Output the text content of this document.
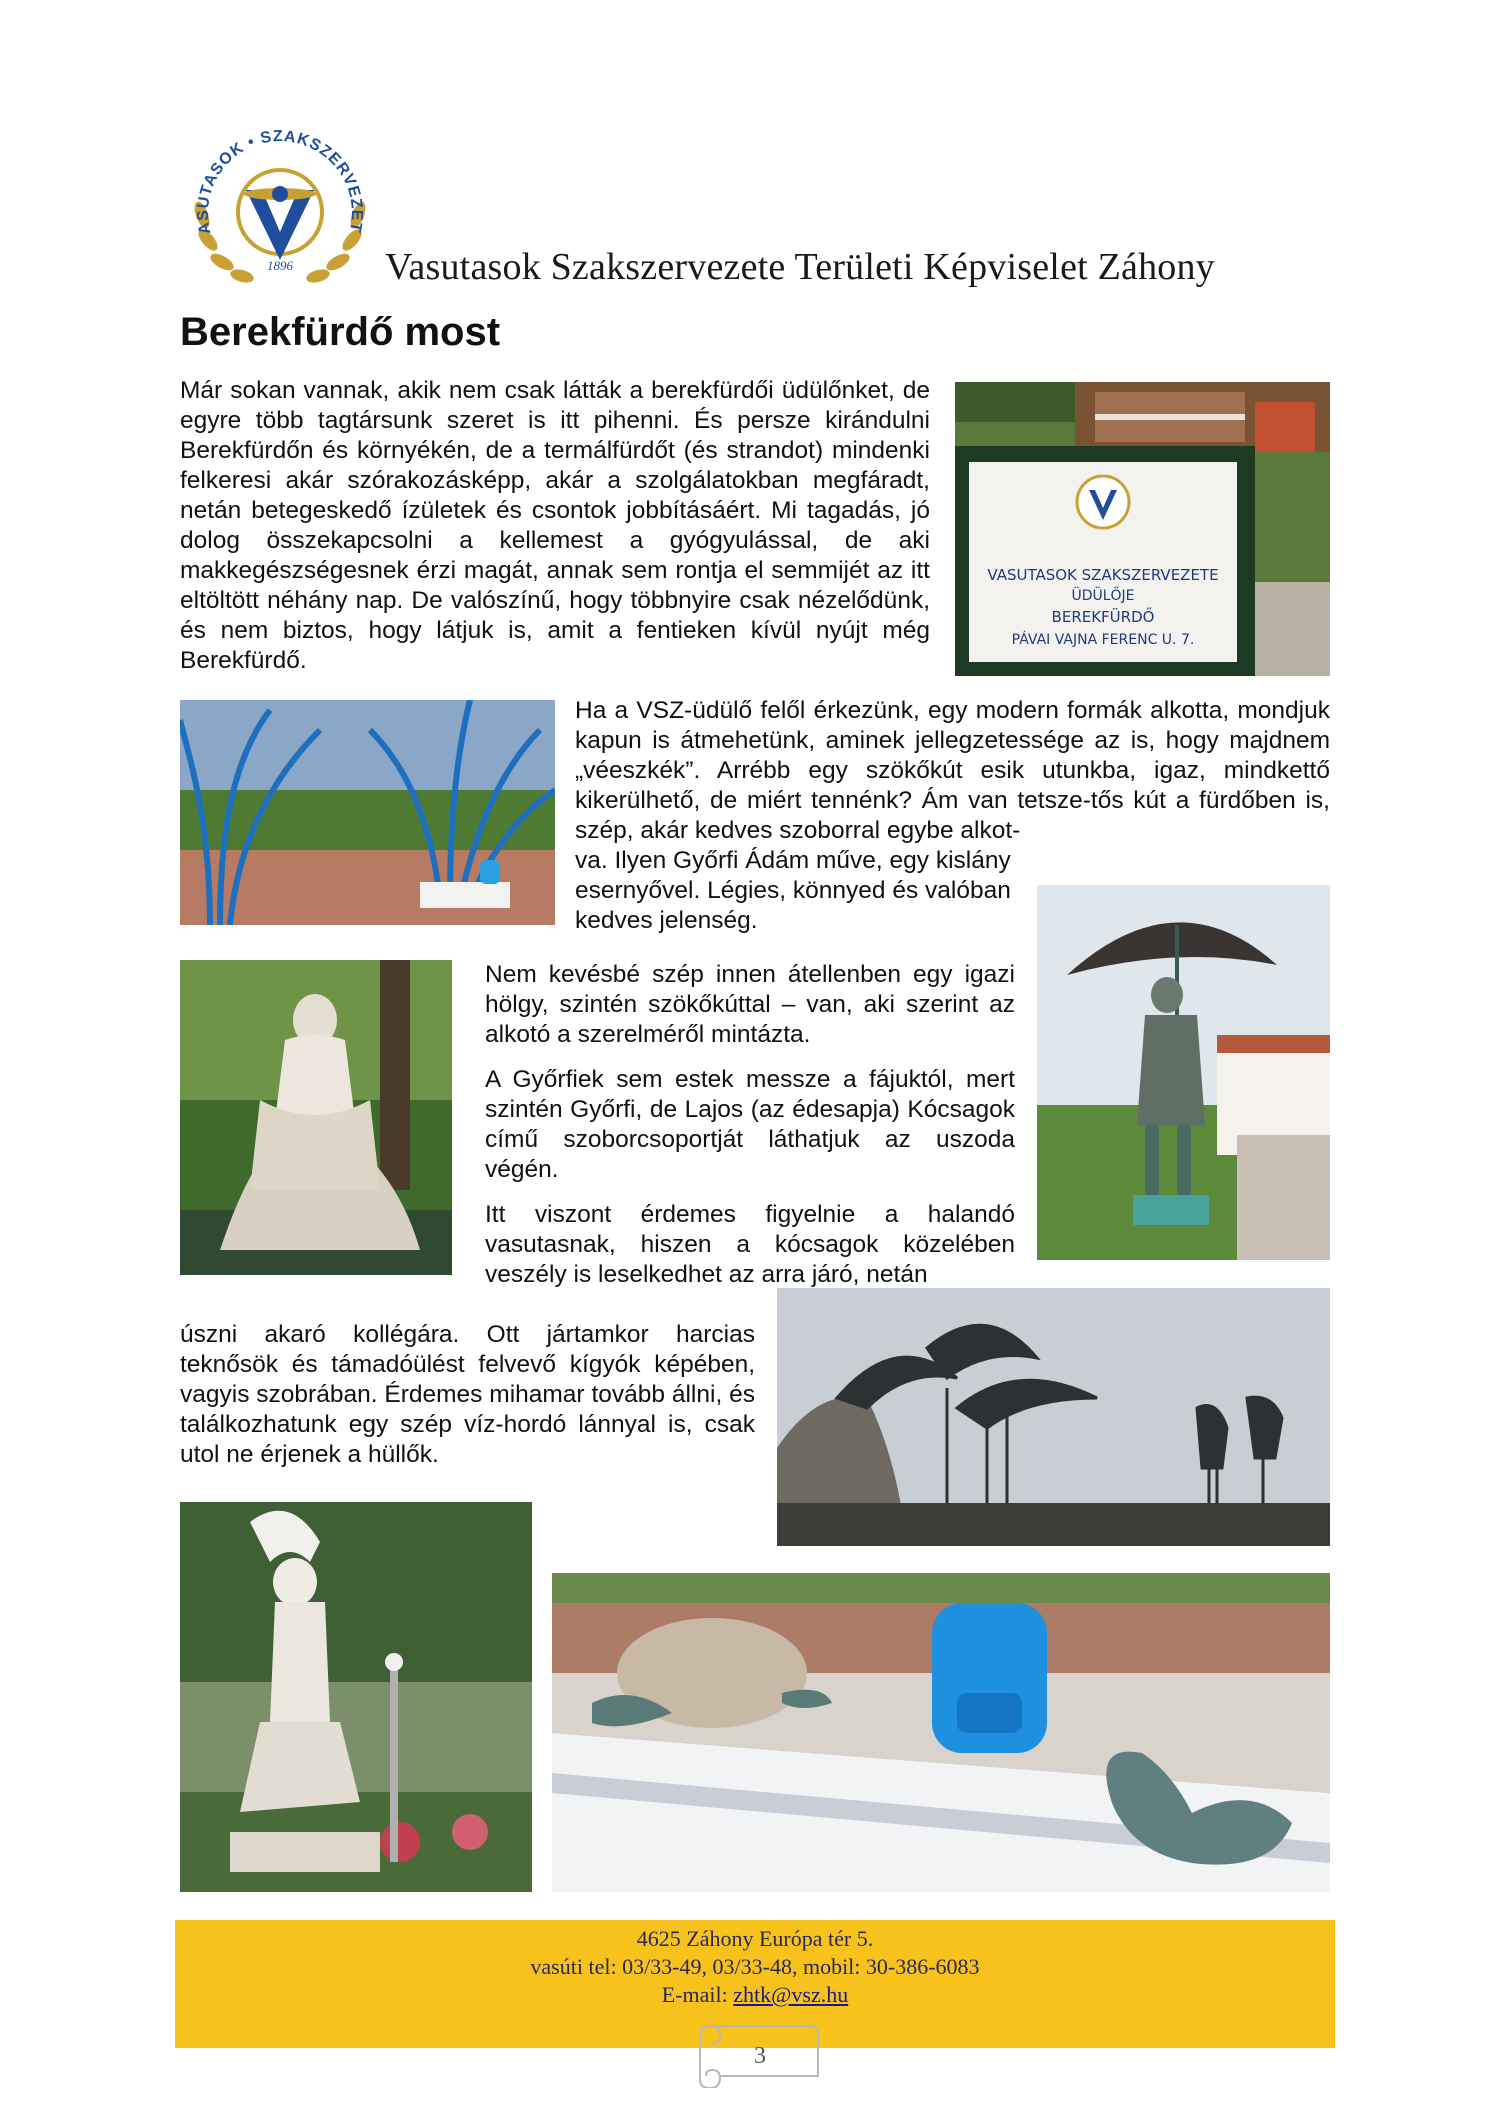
ASUTASOK • SZAKSZERVEZET
1896 Vasutasok Szakszervezete Területi Képviselet Záhony
Berekfürdő most

Már sokan vannak, akik nem csak látták a berekfürdői üdülőnket, de egyre több tagtársunk szeret is itt pihenni. És persze kirándulni Berekfürdőn és környékén, de a termálfürdőt (és strandot) mindenki felkeresi akár szórakozásképp, akár a szolgálatokban megfáradt, netán betegeskedő ízületek és csontok jobbításáért. Mi tagadás, jó dolog összekapcsolni a kellemest a gyógyulással, de aki makkegészségesnek érzi magát, annak sem rontja el semmijét az itt eltöltött néhány nap. De valószínű, hogy többnyire csak nézelődünk, és nem biztos, hogy látjuk is, amit a fentieken kívül nyújt még Berekfürdő.

VASUTASOK SZAKSZERVEZETE
ÜDÜLŐJE
BEREKFÜRDŐ
PÁVAI VAJNA FERENC U. 7.

Ha a VSZ-üdülő felől érkezünk, egy modern formák alkotta, mondjuk kapun is átmehetünk, aminek jellegzetessége az is, hogy majdnem „véeszkék”. Arrébb egy szökőkút esik utunkba, igaz, mindkettő kikerülhető, de miért tennénk? Ám van tetsze-tős kút a fürdőben is, szép, akár kedves szoborral egybe alkot-

va. Ilyen Győrfi Ádám műve, egy kislány esernyővel. Légies, könnyed és valóban kedves jelenség.

Nem kevésbé szép innen átellenben egy igazi hölgy, szintén szökőkúttal – van, aki szerint az alkotó a szerelméről mintázta.

A Győrfiek sem estek messze a fájuktól, mert szintén Győrfi, de Lajos (az édesapja) Kócsagok című szoborcsoportját láthatjuk az uszoda végén.

Itt viszont érdemes figyelnie a halandó vasutasnak, hiszen a kócsagok közelében veszély is leselkedhet az arra járó, netán

úszni akaró kollégára. Ott jártamkor harcias teknősök és támadóülést felvevő kígyók képében, vagyis szobrában. Érdemes mihamar tovább állni, és találkozhatunk egy szép víz-hordó lánnyal is, csak utol ne érjenek a hüllők.

4625 Záhony Európa tér 5.
vasúti tel: 03/33-49, 03/33-48, mobil: 30-386-6083
E-mail: zhtk@vsz.hu
3
